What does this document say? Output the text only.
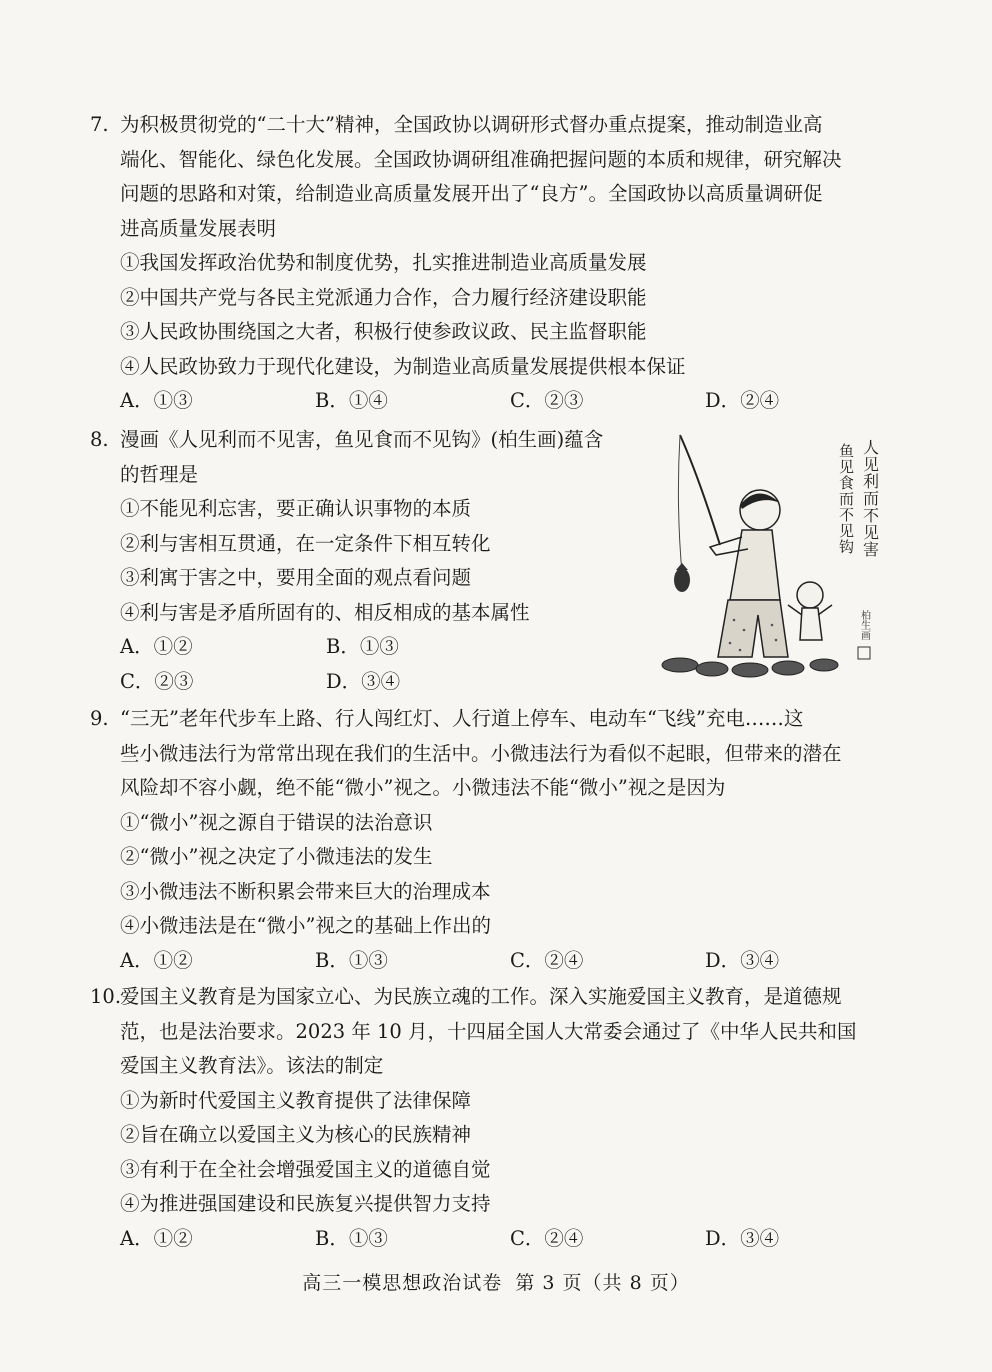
7. 为积极贯彻党的“二十大”精神，全国政协以调研形式督办重点提案，推动制造业高
端化、智能化、绿色化发展。全国政协调研组准确把握问题的本质和规律，研究解决
问题的思路和对策，给制造业高质量发展开出了“良方”。全国政协以高质量调研促
进高质量发展表明
①我国发挥政治优势和制度优势，扎实推进制造业高质量发展
②中国共产党与各民主党派通力合作，合力履行经济建设职能
③人民政协围绕国之大者，积极行使参政议政、民主监督职能
④人民政协致力于现代化建设，为制造业高质量发展提供根本保证
A．①③	B．①④	C．②③	D．②④
8. 漫画《人见利而不见害，鱼见食而不见钩》(柏生画)蕴含
的哲理是
①不能见利忘害，要正确认识事物的本质
②利与害相互贯通，在一定条件下相互转化
③利寓于害之中，要用全面的观点看问题
④利与害是矛盾所固有的、相反相成的基本属性
A．①②	B．①③
C．②③	D．③④
人见利而不见害
鱼见食而不见钩
柏生画
9. “三无”老年代步车上路、行人闯红灯、人行道上停车、电动车“飞线”充电……这
些小微违法行为常常出现在我们的生活中。小微违法行为看似不起眼，但带来的潜在
风险却不容小觑，绝不能“微小”视之。小微违法不能“微小”视之是因为
①“微小”视之源自于错误的法治意识
②“微小”视之决定了小微违法的发生
③小微违法不断积累会带来巨大的治理成本
④小微违法是在“微小”视之的基础上作出的
A．①②	B．①③	C．②④	D．③④
10.
爱国主义教育是为国家立心、为民族立魂的工作。深入实施爱国主义教育，是道德规
范，也是法治要求。2023 年 10 月，十四届全国人大常委会通过了《中华人民共和国
爱国主义教育法》。该法的制定
①为新时代爱国主义教育提供了法律保障
②旨在确立以爱国主义为核心的民族精神
③有利于在全社会增强爱国主义的道德自觉
④为推进强国建设和民族复兴提供智力支持
A．①②	B．①③	C．②④	D．③④
高三一模思想政治试卷 第 3 页（共 8 页）
